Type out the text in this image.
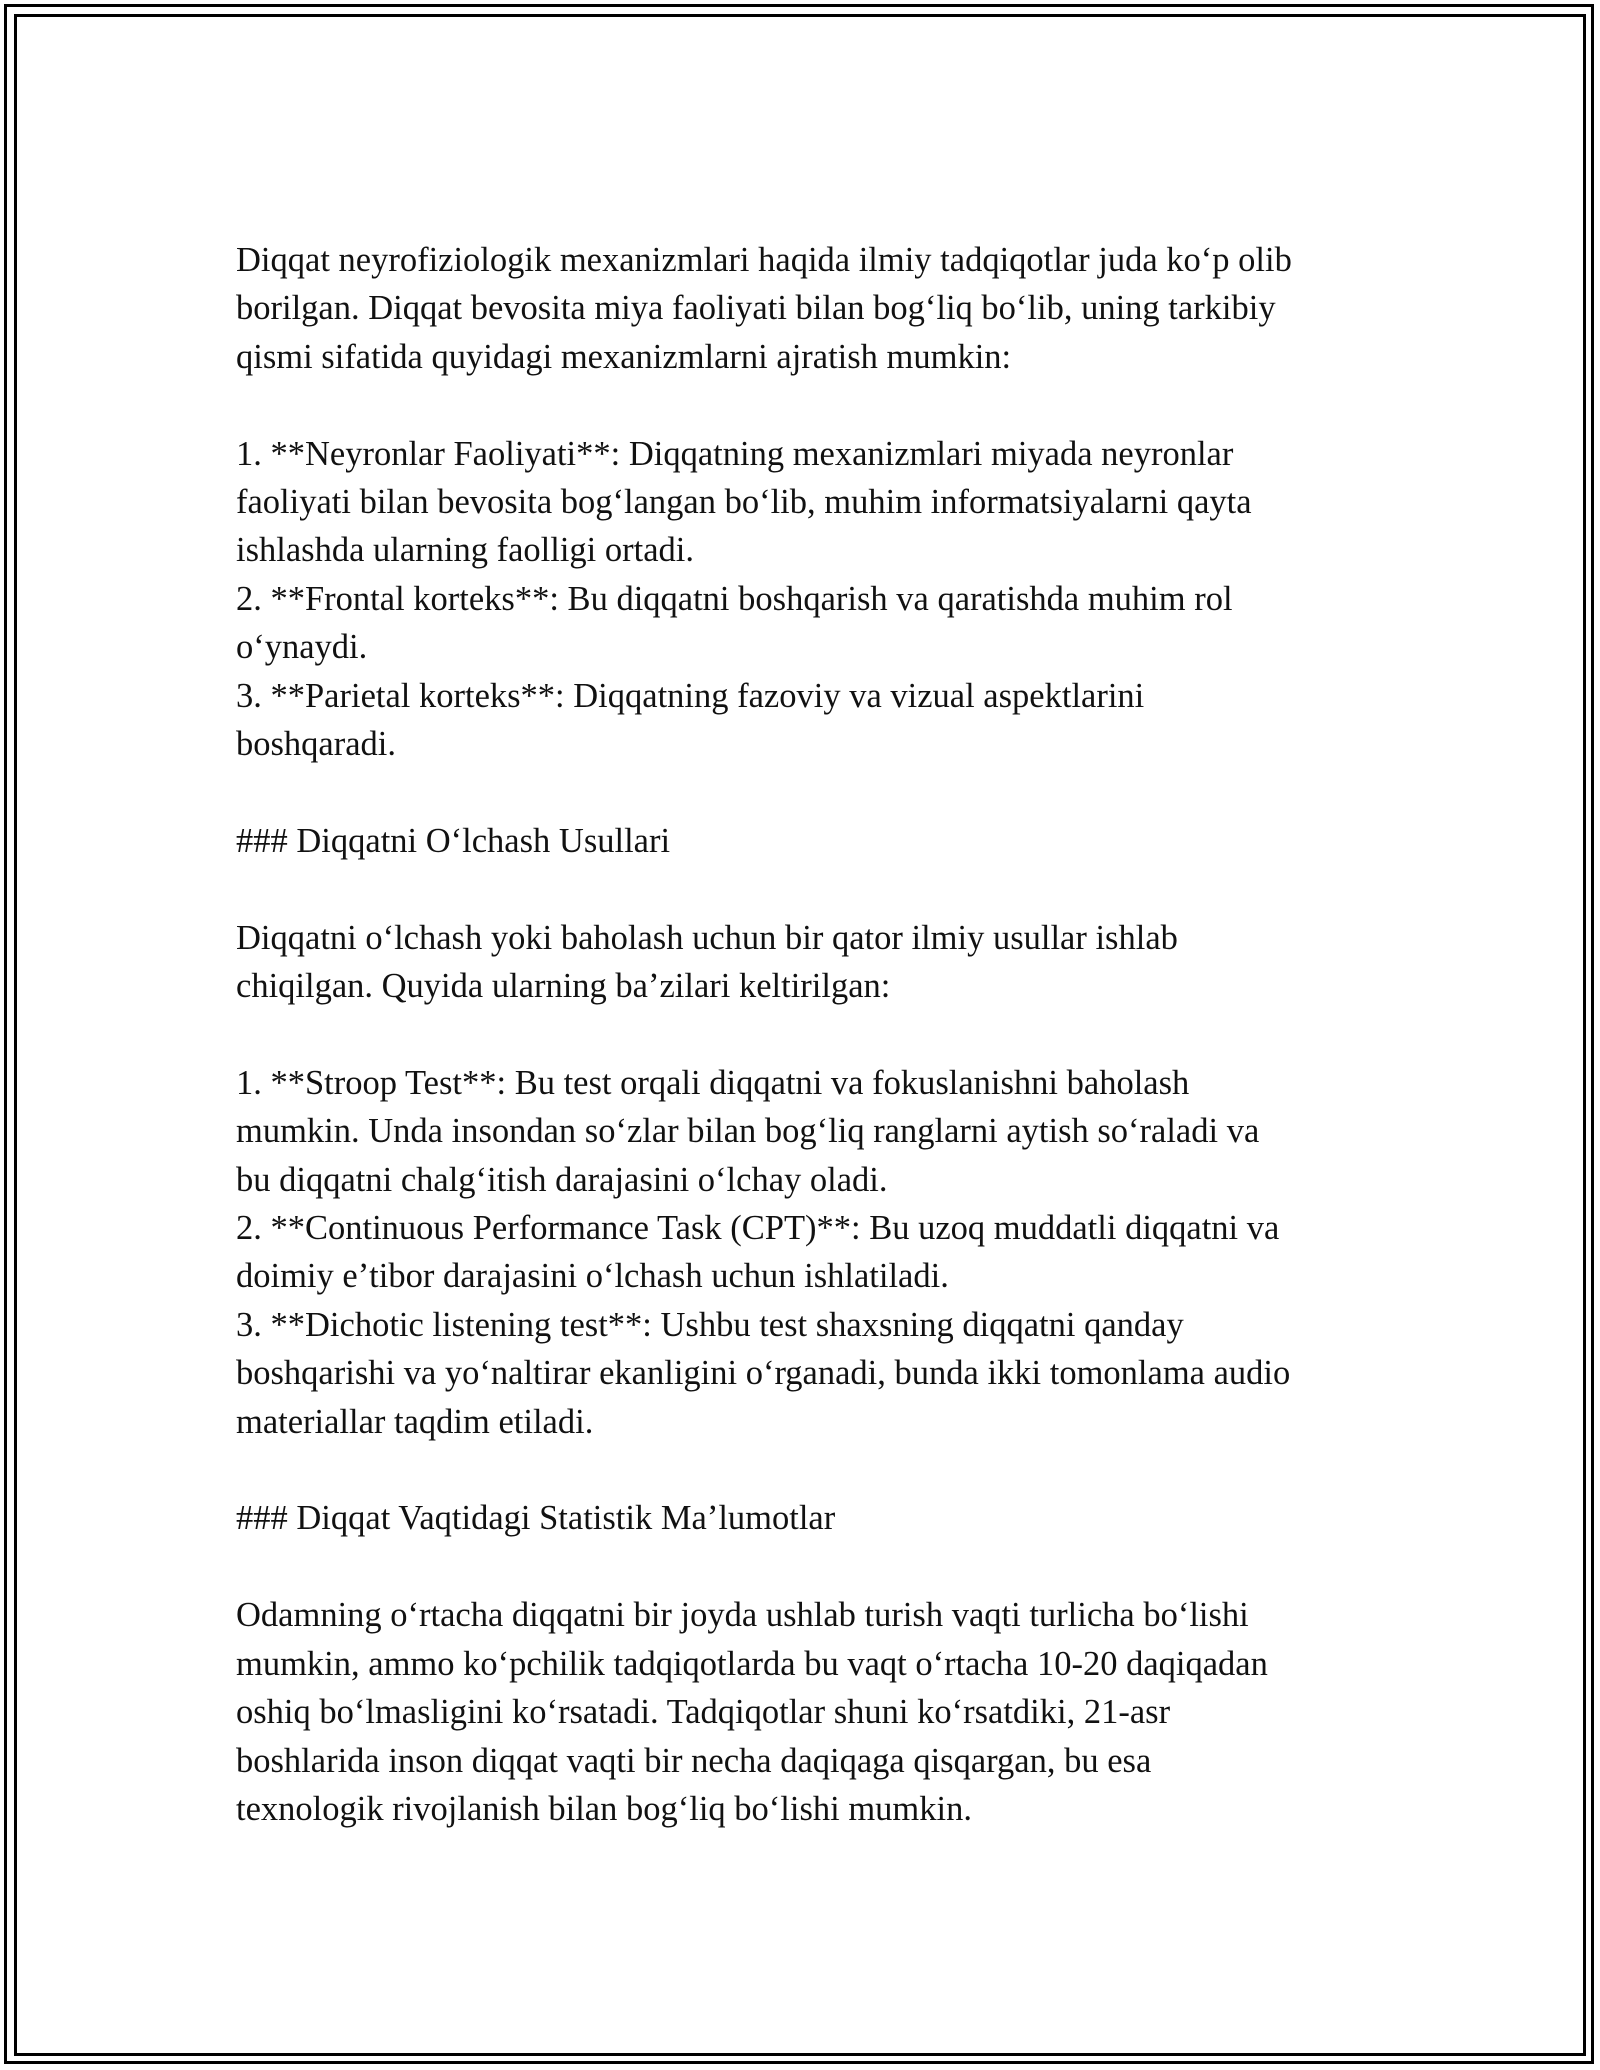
Diqqat neyrofiziologik mexanizmlari haqida ilmiy tadqiqotlar juda koʻp olib
borilgan. Diqqat bevosita miya faoliyati bilan bogʻliq boʻlib, uning tarkibiy
qismi sifatida quyidagi mexanizmlarni ajratish mumkin:

1. **Neyronlar Faoliyati**: Diqqatning mexanizmlari miyada neyronlar
faoliyati bilan bevosita bogʻlangan boʻlib, muhim informatsiyalarni qayta
ishlashda ularning faolligi ortadi.

2. **Frontal korteks**: Bu diqqatni boshqarish va qaratishda muhim rol
oʻynaydi.

3. **Parietal korteks**: Diqqatning fazoviy va vizual aspektlarini
boshqaradi.

### Diqqatni Oʻlchash Usullari

Diqqatni oʻlchash yoki baholash uchun bir qator ilmiy usullar ishlab
chiqilgan. Quyida ularning baʼzilari keltirilgan:

1. **Stroop Test**: Bu test orqali diqqatni va fokuslanishni baholash
mumkin. Unda insondan soʻzlar bilan bogʻliq ranglarni aytish soʻraladi va
bu diqqatni chalgʻitish darajasini oʻlchay oladi.

2. **Continuous Performance Task (CPT)**: Bu uzoq muddatli diqqatni va
doimiy eʼtibor darajasini oʻlchash uchun ishlatiladi.

3. **Dichotic listening test**: Ushbu test shaxsning diqqatni qanday
boshqarishi va yoʻnaltirar ekanligini oʻrganadi, bunda ikki tomonlama audio
materiallar taqdim etiladi.

### Diqqat Vaqtidagi Statistik Maʼlumotlar

Odamning oʻrtacha diqqatni bir joyda ushlab turish vaqti turlicha boʻlishi
mumkin, ammo koʻpchilik tadqiqotlarda bu vaqt oʻrtacha 10-20 daqiqadan
oshiq boʻlmasligini koʻrsatadi. Tadqiqotlar shuni koʻrsatdiki, 21-asr
boshlarida inson diqqat vaqti bir necha daqiqaga qisqargan, bu esa
texnologik rivojlanish bilan bogʻliq boʻlishi mumkin.
